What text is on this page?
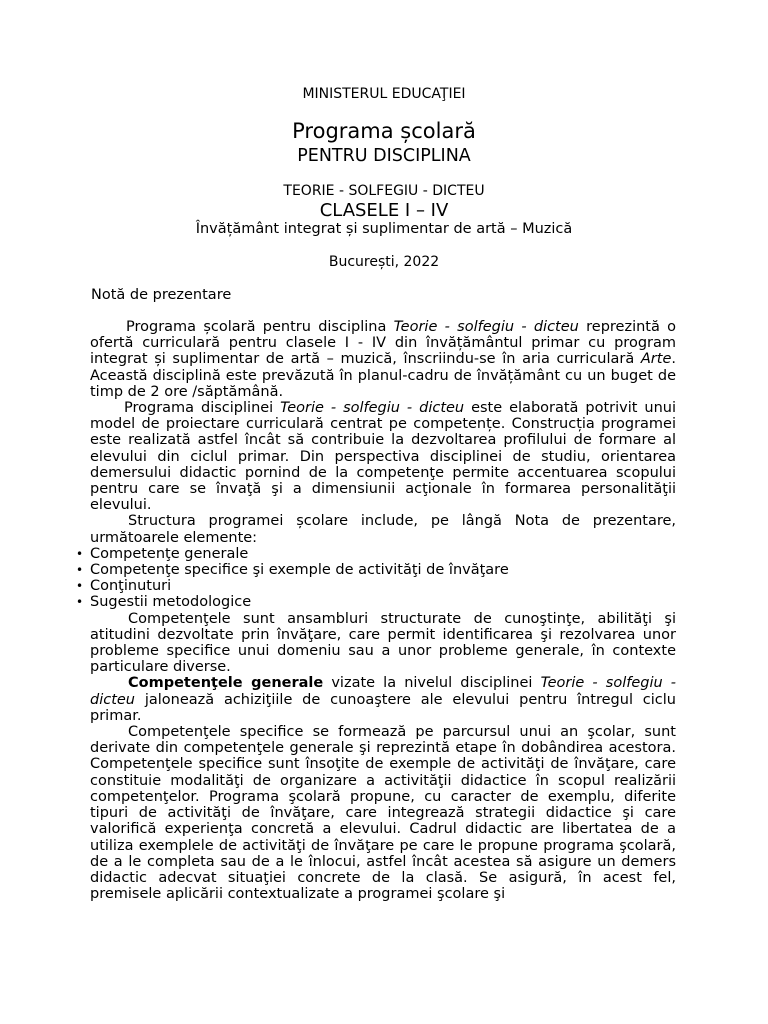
MINISTERUL EDUCAŢIEI
Programa școlară
PENTRU DISCIPLINA
TEORIE - SOLFEGIU - DICTEU
CLASELE I – IV
Învățământ integrat și suplimentar de artă – Muzică
București, 2022
Notă de prezentare

Programa școlară pentru disciplina Teorie - solfegiu - dicteu reprezintă o ofertă curriculară pentru clasele I - IV din învățământul primar cu program integrat și suplimentar de artă – muzică, înscriindu-se în aria curriculară Arte. Această disciplină este prevăzută în planul-cadru de învățământ cu un buget de timp de 2 ore /săptămână.

Programa disciplinei Teorie - solfegiu - dicteu este elaborată potrivit unui model de proiectare curriculară centrat pe competențe. Construcția programei este realizată astfel încât să contribuie la dezvoltarea profilului de formare al elevului din ciclul primar. Din perspectiva disciplinei de studiu, orientarea demersului didactic pornind de la competenţe permite accentuarea scopului pentru care se învaţă şi a dimensiunii acţionale în formarea personalităţii elevului.

Structura programei școlare include, pe lângă Nota de prezentare, următoarele elemente:

• Competenţe generale
• Competenţe specifice şi exemple de activităţi de învăţare
• Conţinuturi
• Sugestii metodologice

Competenţele sunt ansambluri structurate de cunoştinţe, abilităţi şi atitudini dezvoltate prin învăţare, care permit identificarea şi rezolvarea unor probleme specifice unui domeniu sau a unor probleme generale, în contexte particulare diverse.

Competenţele generale vizate la nivelul disciplinei Teorie - solfegiu - dicteu jalonează achiziţiile de cunoaştere ale elevului pentru întregul ciclu primar.

Competenţele specifice se formează pe parcursul unui an şcolar, sunt derivate din competenţele generale şi reprezintă etape în dobândirea acestora. Competenţele specifice sunt însoţite de exemple de activităţi de învăţare, care constituie modalităţi de organizare a activităţii didactice în scopul realizării competenţelor. Programa şcolară propune, cu caracter de exemplu, diferite tipuri de activităţi de învăţare, care integrează strategii didactice şi care valorifică experienţa concretă a elevului. Cadrul didactic are libertatea de a utiliza exemplele de activităţi de învăţare pe care le propune programa şcolară, de a le completa sau de a le înlocui, astfel încât acestea să asigure un demers didactic adecvat situaţiei concrete de la clasă. Se asigură, în acest fel, premisele aplicării contextualizate a programei şcolare şi
